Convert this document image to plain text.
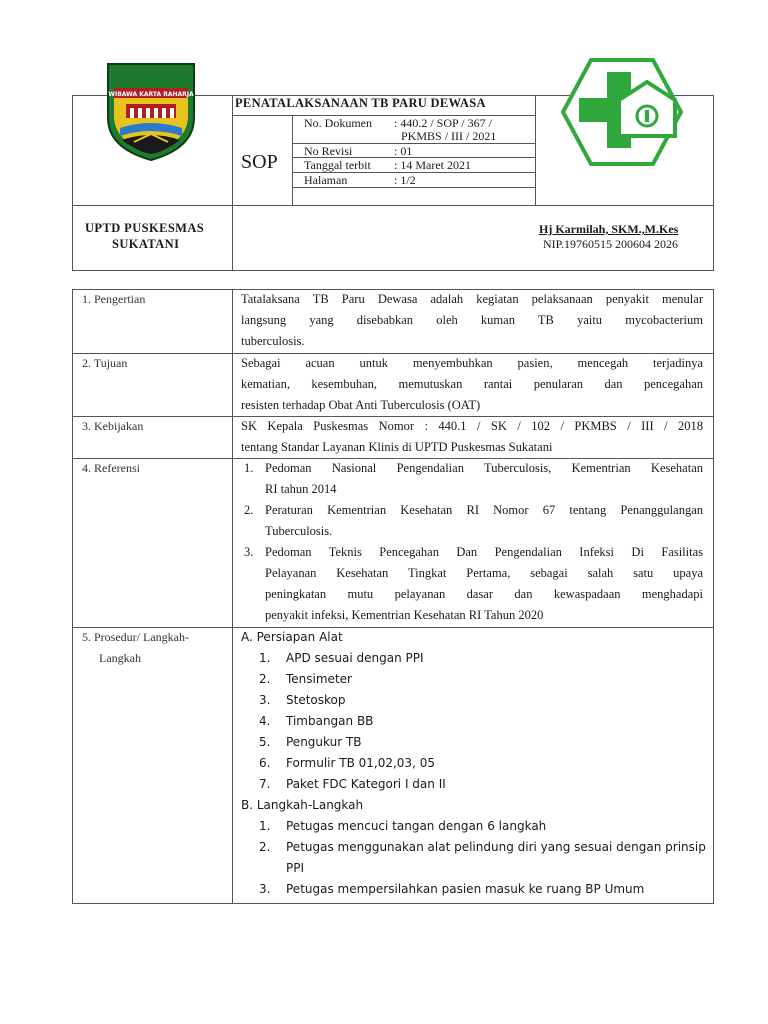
WIBAWA KARTA RAHARJA
PENATALAKSANAAN TB PARU DEWASA
SOP
No. Dokumen : 440.2 / SOP / 367 /
PKMBS / III / 2021
No Revisi	: 01
Tanggal terbit : 14 Maret 2021
Halaman	: 1/2
UPTD PUSKESMAS
SUKATANI
Hj Karmilah, SKM.,M.Kes
NIP.19760515 200604 2026
1. Pengertian	Tatalaksana TB Paru Dewasa adalah kegiatan pelaksanaan penyakit menular
langsung yang disebabkan oleh kuman TB yaitu mycobacterium
tuberculosis.
2. Tujuan	Sebagai acuan untuk menyembuhkan pasien, mencegah terjadinya
kematian, kesembuhan, memutuskan rantai penularan dan pencegahan
resisten terhadap Obat Anti Tuberculosis (OAT)
3. Kebijakan	SK Kepala Puskesmas Nomor : 440.1 / SK / 102 / PKMBS / III / 2018
tentang Standar Layanan Klinis di UPTD Puskesmas Sukatani
4. Referensi	1. Pedoman Nasional Pengendalian Tuberculosis, Kementrian Kesehatan
RI tahun 2014
2. Peraturan Kementrian Kesehatan RI Nomor 67 tentang Penanggulangan
Tuberculosis.
3. Pedoman Teknis Pencegahan Dan Pengendalian Infeksi Di Fasilitas
Pelayanan Kesehatan Tingkat Pertama, sebagai salah satu upaya
peningkatan mutu pelayanan dasar dan kewaspadaan menghadapi
penyakit infeksi, Kementrian Kesehatan RI Tahun 2020
5. Prosedur/ Langkah-
Langkah
A. Persiapan Alat
1. APD sesuai dengan PPI
2. Tensimeter
3. Stetoskop
4. Timbangan BB
5. Pengukur TB
6. Formulir TB 01,02,03, 05
7. Paket FDC Kategori I dan II
B. Langkah-Langkah
1. Petugas mencuci tangan dengan 6 langkah
2. Petugas menggunakan alat pelindung diri yang sesuai dengan prinsip
PPI
3. Petugas mempersilahkan pasien masuk ke ruang BP Umum
